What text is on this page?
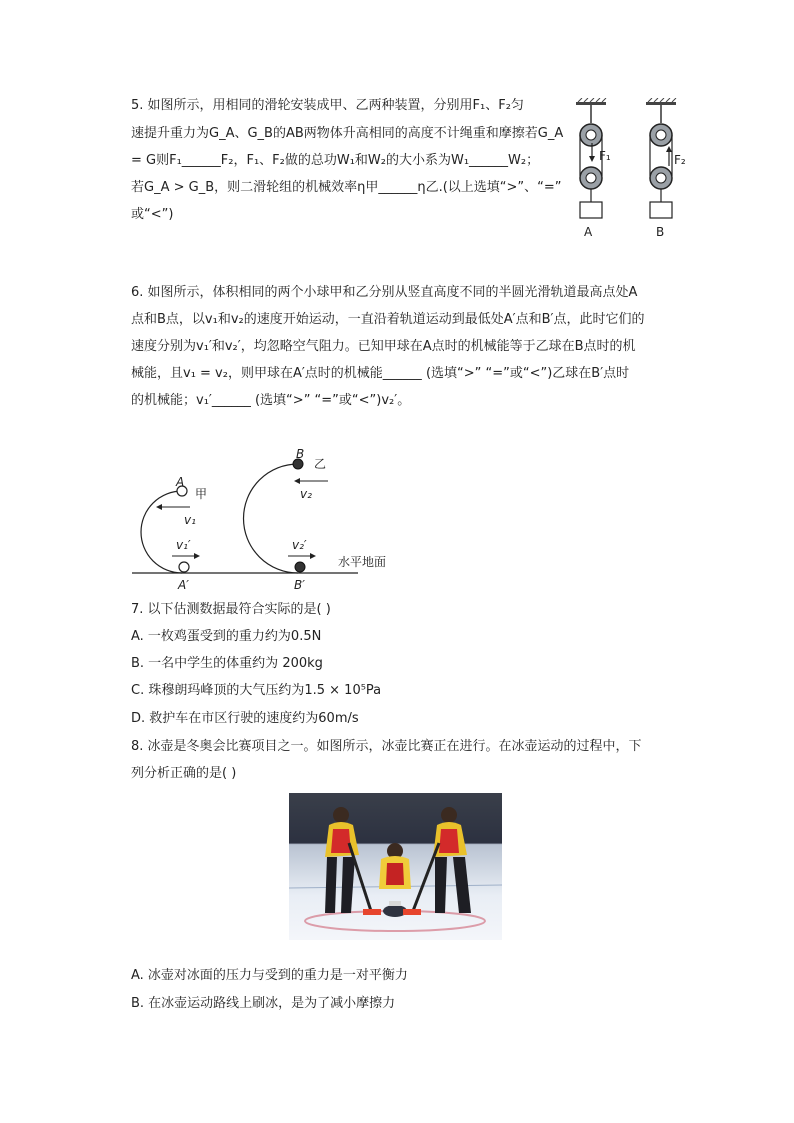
5. 如图所示，用相同的滑轮安装成甲、乙两种装置，分别用F₁、F₂匀
速提升重力为G_A、G_B的AB两物体升高相同的高度不计绳重和摩擦若G_A
= G则F₁______F₂，F₁、F₂做的总功W₁和W₂的大小系为W₁______W₂；
若G_A > G_B，则二滑轮组的机械效率η甲______η乙.(以上选填“>”、“=”
或“<”)
F₁
A
F₂
B
6. 如图所示，体积相同的两个小球甲和乙分别从竖直高度不同的半圆光滑轨道最高点处A
点和B点，以v₁和v₂的速度开始运动，一直沿着轨道运动到最低处A′点和B′点，此时它们的
速度分别为v₁′和v₂′，均忽略空气阻力。已知甲球在A点时的机械能等于乙球在B点时的机
械能，且v₁ = v₂，则甲球在A′点时的机械能______ (选填“>” “=”或“<”)乙球在B′点时
的机械能；v₁′______ (选填“>” “=”或“<”)v₂′。
A
甲
v₁
v₁′
A′
B
乙
v₂
v₂′
B′
水平地面
7. 以下估测数据最符合实际的是( )
A. 一枚鸡蛋受到的重力约为0.5N
B. 一名中学生的体重约为 200kg
C. 珠穆朗玛峰顶的大气压约为1.5 × 10⁵Pa
D. 救护车在市区行驶的速度约为60m/s
8. 冰壶是冬奥会比赛项目之一。如图所示，冰壶比赛正在进行。在冰壶运动的过程中，下
列分析正确的是( )
A. 冰壶对冰面的压力与受到的重力是一对平衡力
B. 在冰壶运动路线上刷冰，是为了减小摩擦力
